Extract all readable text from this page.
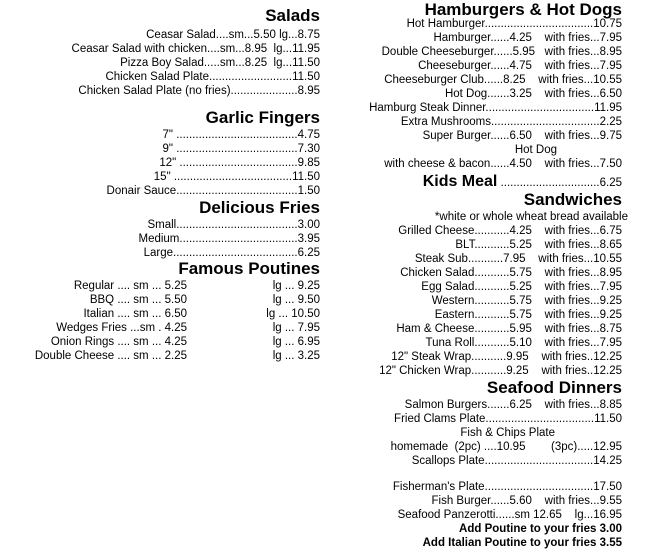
Salads
Ceasar Salad....sm...5.50 lg...8.75
Ceasar Salad with chicken....sm...8.95  lg...11.95
Pizza Boy Salad.....sm...8.25  lg...11.50
Chicken Salad Plate..........................11.50
Chicken Salad Plate (no fries).....................8.95
Garlic Fingers
7" ......................................4.75
9" ......................................7.30
12" .....................................9.85
15" .....................................11.50
Donair Sauce......................................1.50
Delicious Fries
Small......................................3.00
Medium.....................................3.95
Large.......................................6.25
Famous Poutines
Regular .... sm ... 5.25	lg ... 9.25
BBQ .... sm ... 5.50	lg ... 9.50
Italian .... sm ... 6.50	lg ... 10.50
Wedges Fries ...sm . 4.25	lg ... 7.95
Onion Rings .... sm ... 4.25	lg ... 6.95
Double Cheese .... sm ... 2.25	lg ... 3.25
Hamburgers & Hot Dogs
Hot Hamburger..................................10.75
Hamburger......4.25    with fries...7.95
Double Cheeseburger......5.95   with fries...8.95
Cheeseburger......4.75    with fries...7.95
Cheeseburger Club......8.25    with fries...10.55
Hot Dog.......3.25    with fries...6.50
Hamburg Steak Dinner..................................11.95
Extra Mushrooms..................................2.25
Super Burger......6.50    with fries...9.75
Hot Dog
with cheese & bacon......4.50    with fries...7.50
Kids Meal ...............................6.25
Sandwiches
*white or whole wheat bread available
Grilled Cheese...........4.25    with fries...6.75
BLT...........5.25    with fries...8.65
Steak Sub...........7.95    with fries...10.55
Chicken Salad...........5.75    with fries...8.95
Egg Salad...........5.25    with fries...7.95
Western...........5.75    with fries...9.25
Eastern...........5.75    with fries...9.25
Ham & Cheese...........5.95    with fries...8.75
Tuna Roll...........5.10    with fries...7.95
12" Steak Wrap...........9.95    with fries..12.25
12" Chicken Wrap...........9.25    with fries..12.25
Seafood Dinners
Salmon Burgers.......6.25    with fries...8.85
Fried Clams Plate..................................11.50
Fish & Chips Plate
homemade  (2pc) ....10.95        (3pc).....12.95
Scallops Plate..................................14.25
Fisherman's Plate..................................17.50
Fish Burger......5.60    with fries...9.55
Seafood Panzerotti......sm 12.65    lg...16.95
Add Poutine to your fries 3.00
Add Italian Poutine to your fries 3.55
